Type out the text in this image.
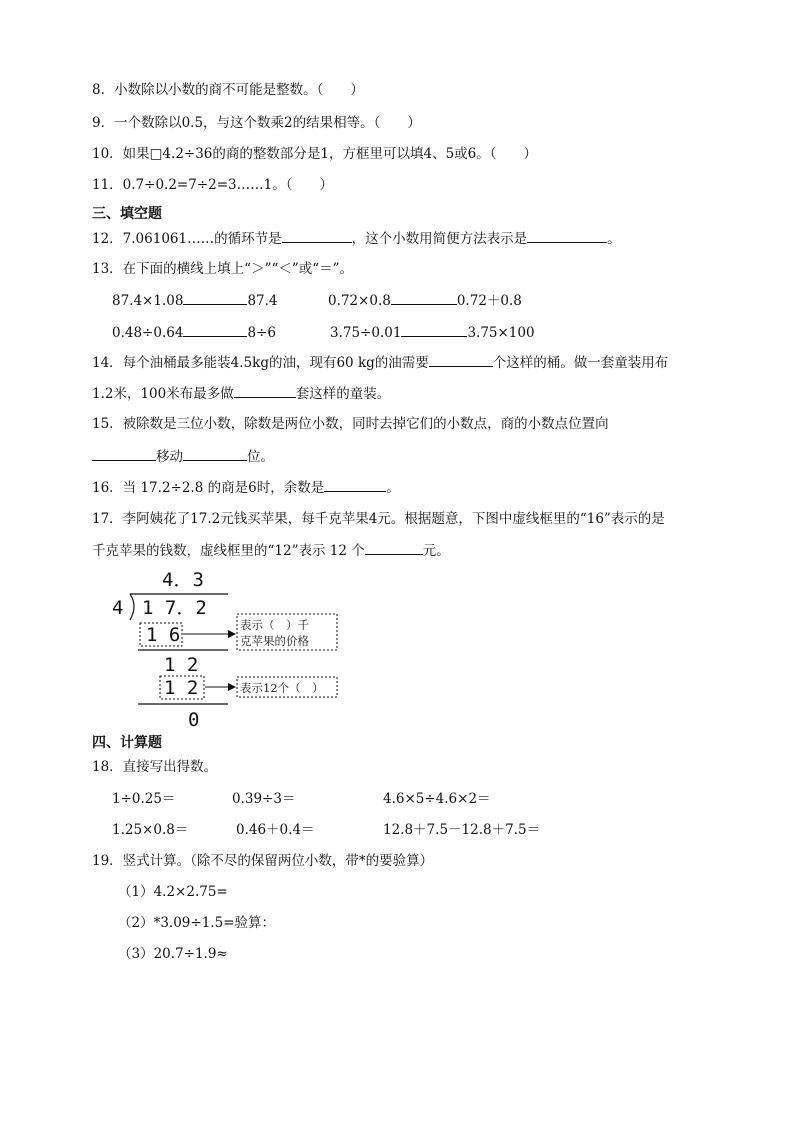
8．小数除以小数的商不可能是整数。（　　）
9．一个数除以0.5，与这个数乘2的结果相等。（　　）
10．如果□4.2÷36的商的整数部分是1，方框里可以填4、5或6。（　　）
11．0.7÷0.2=7÷2=3……1。（　　）
三、填空题
12．7.061061……的循环节是	，这个小数用简便方法表示是	。
13．在下面的横线上填上“＞”“＜”或“＝”。
87.4×1.08	87.4	0.72×0.8	0.72＋0.8
0.48÷0.64	8÷6	3.75÷0.01	3.75×100
14．每个油桶最多能装4.5kg的油，现有60 kg的油需要	个这样的桶。做一套童装用布
1.2米，100米布最多做	套这样的童装。
15．被除数是三位小数，除数是两位小数，同时去掉它们的小数点，商的小数点位置向
移动	位。
16．当 17.2÷2.8 的商是6时，余数是	。
17．李阿姨花了17.2元钱买苹果，每千克苹果4元。根据题意，下图中虚线框里的“16”表示的是
千克苹果的钱数，虚线框里的“12”表示 12 个	元。
4．3
4 1 7．2
1 6
1 2
1 2
0
表示（　）千
克苹果的价格
表示12个（　）
四、计算题
18．直接写出得数。
1÷0.25＝	0.39÷3＝	4.6×5÷4.6×2＝
1.25×0.8＝	0.46＋0.4＝	12.8＋7.5－12.8＋7.5＝
19．竖式计算。（除不尽的保留两位小数，带*的要验算）
（1）4.2×2.75=
（2）*3.09÷1.5=验算：
（3）20.7÷1.9≈
